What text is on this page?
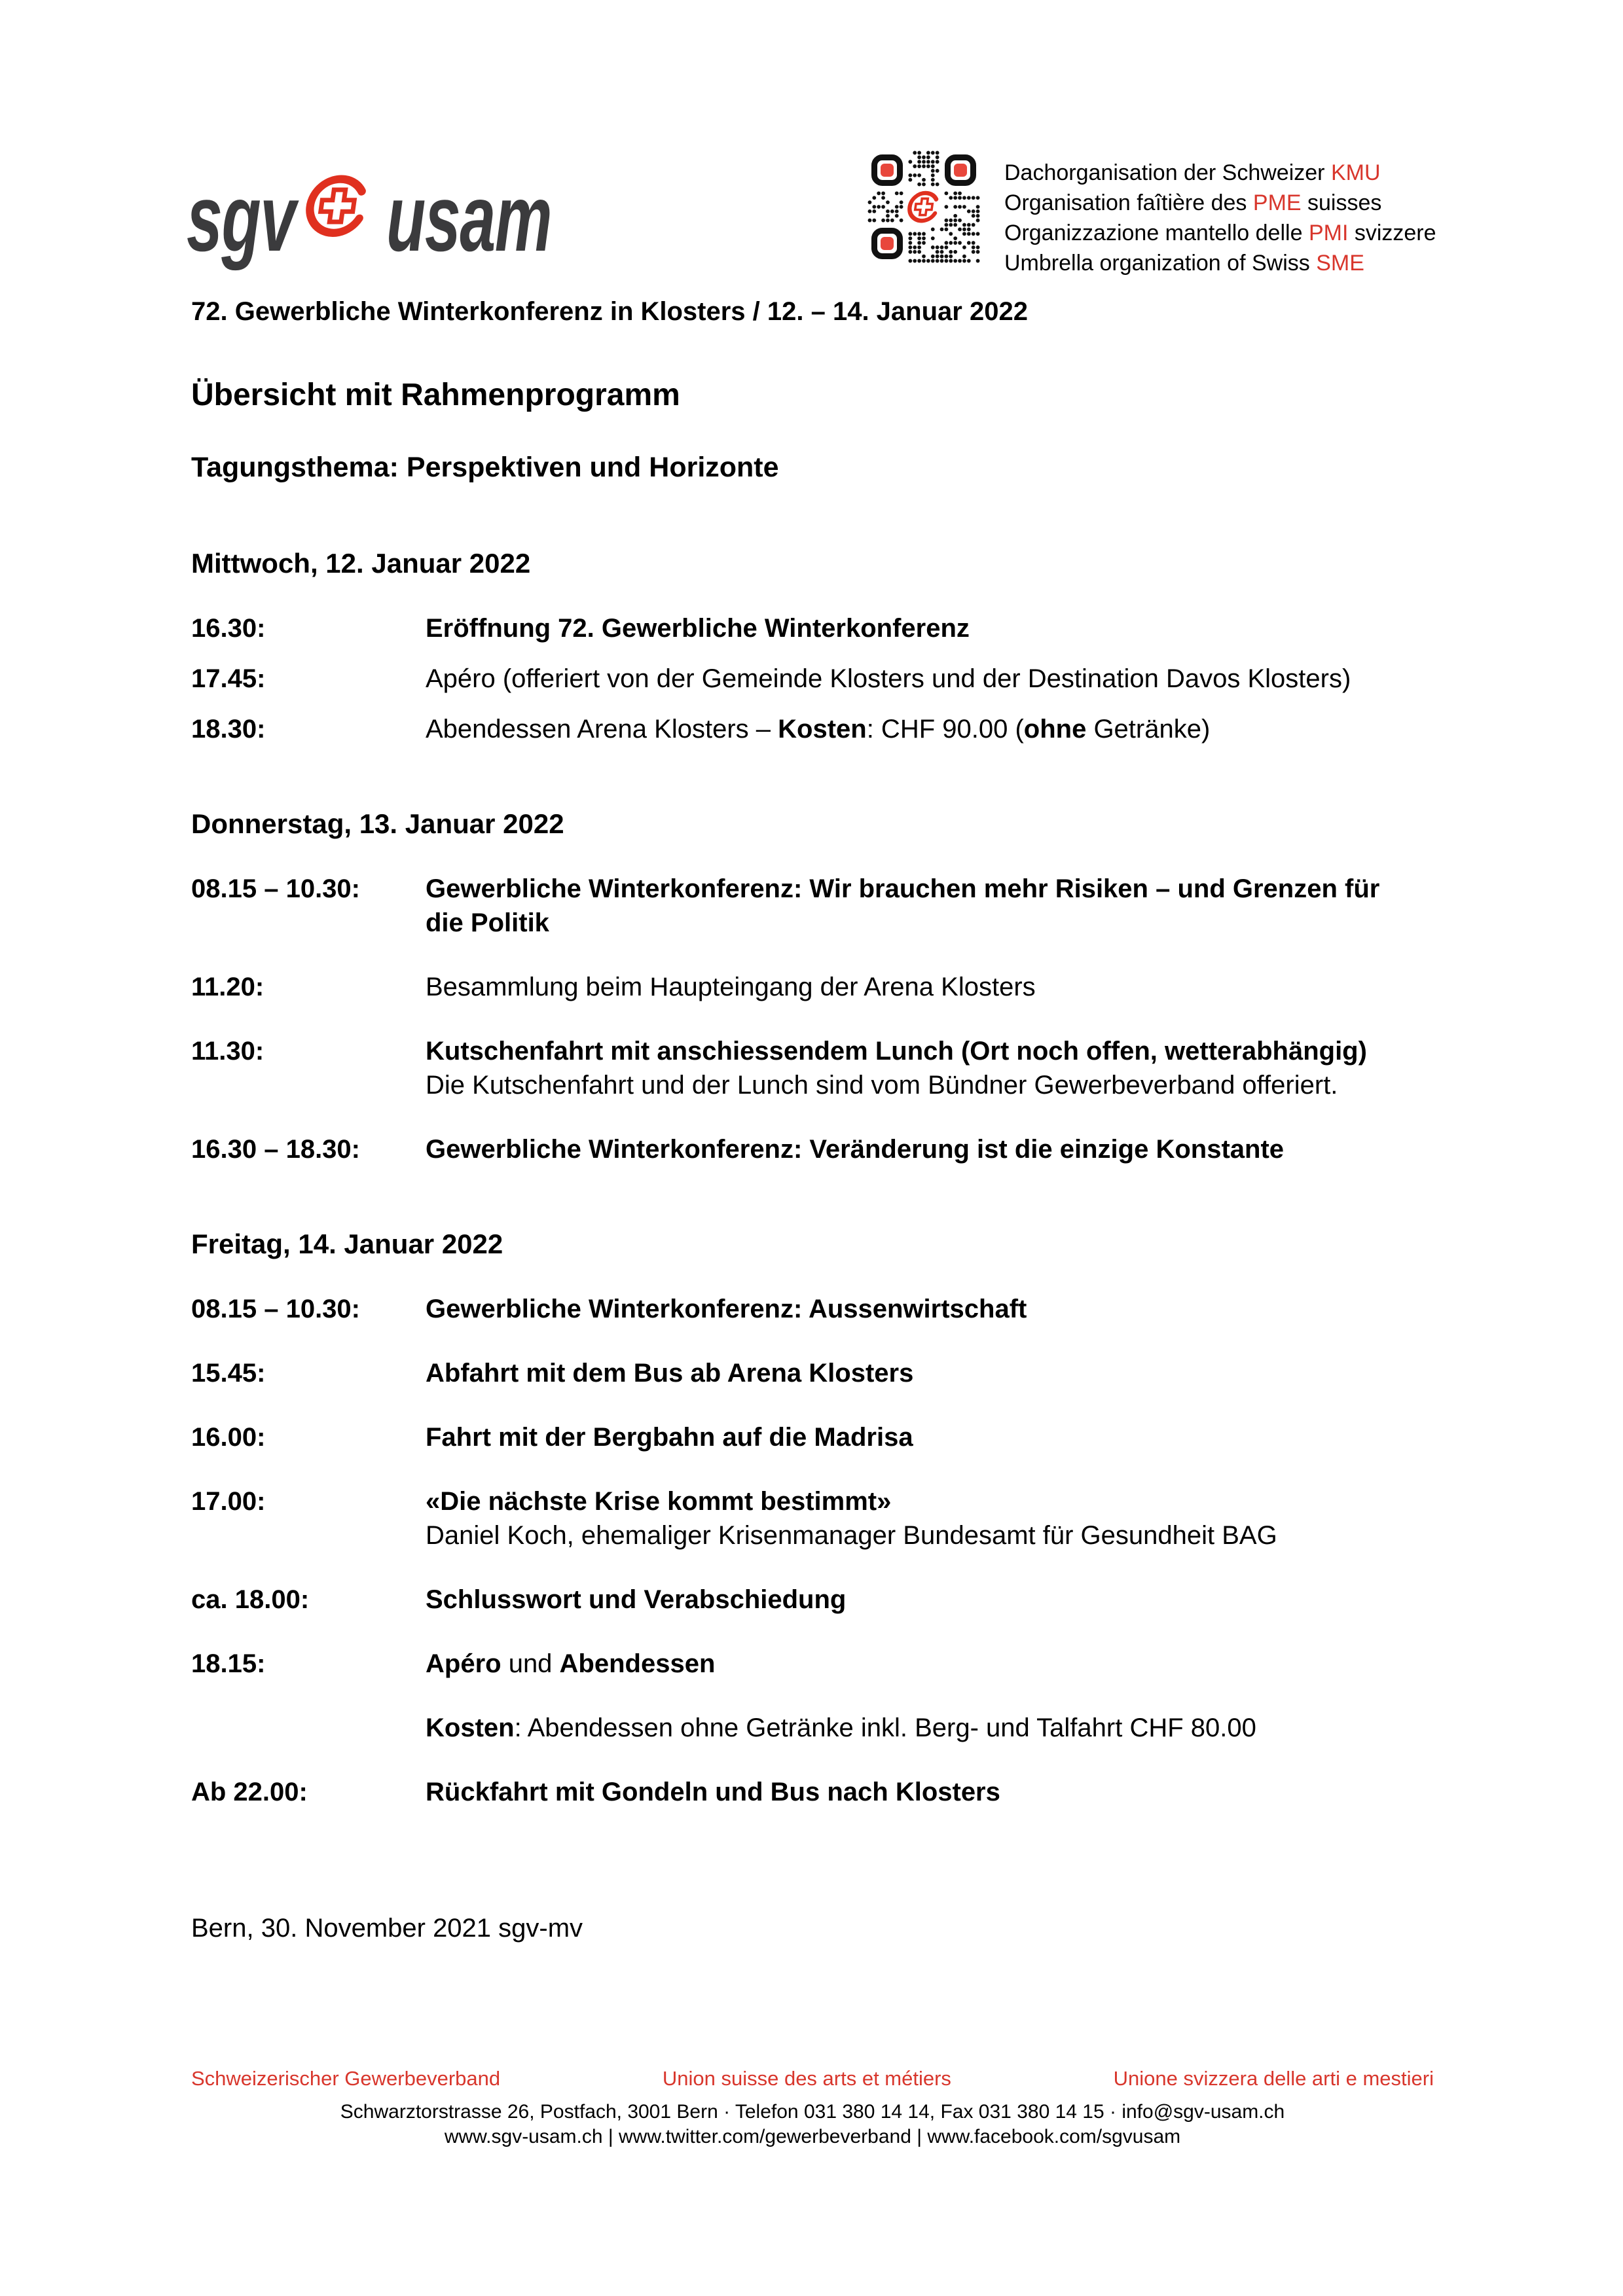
sgv usam	Dachorganisation der Schweizer KMU
Organisation faîtière des PME suisses
Organizzazione mantello delle PMI svizzere
Umbrella organization of Swiss SME
72. Gewerbliche Winterkonferenz in Klosters / 12. – 14. Januar 2022
Übersicht mit Rahmenprogramm
Tagungsthema: Perspektiven und Horizonte
Mittwoch, 12. Januar 2022
16.30:	Eröffnung 72. Gewerbliche Winterkonferenz
17.45:	Apéro (offeriert von der Gemeinde Klosters und der Destination Davos Klosters)
18.30:	Abendessen Arena Klosters – Kosten: CHF 90.00 (ohne Getränke)
Donnerstag, 13. Januar 2022
08.15 – 10.30:	Gewerbliche Winterkonferenz: Wir brauchen mehr Risiken – und Grenzen für
die Politik
11.20:	Besammlung beim Haupteingang der Arena Klosters
11.30:	Kutschenfahrt mit anschiessendem Lunch (Ort noch offen, wetterabhängig)
Die Kutschenfahrt und der Lunch sind vom Bündner Gewerbeverband offeriert.
16.30 – 18.30:	Gewerbliche Winterkonferenz: Veränderung ist die einzige Konstante
Freitag, 14. Januar 2022
08.15 – 10.30:	Gewerbliche Winterkonferenz: Aussenwirtschaft
15.45:	Abfahrt mit dem Bus ab Arena Klosters
16.00:	Fahrt mit der Bergbahn auf die Madrisa
17.00:	«Die nächste Krise kommt bestimmt»
Daniel Koch, ehemaliger Krisenmanager Bundesamt für Gesundheit BAG
ca. 18.00:	Schlusswort und Verabschiedung
18.15:	Apéro und Abendessen
Kosten: Abendessen ohne Getränke inkl. Berg- und Talfahrt CHF 80.00
Ab 22.00:	Rückfahrt mit Gondeln und Bus nach Klosters
Bern, 30. November 2021 sgv-mv
Schweizerischer Gewerbeverband	Union suisse des arts et métiers	Unione svizzera delle arti e mestieri
Schwarztorstrasse 26, Postfach, 3001 Bern · Telefon 031 380 14 14, Fax 031 380 14 15 · info@sgv-usam.ch
www.sgv-usam.ch | www.twitter.com/gewerbeverband | www.facebook.com/sgvusam
